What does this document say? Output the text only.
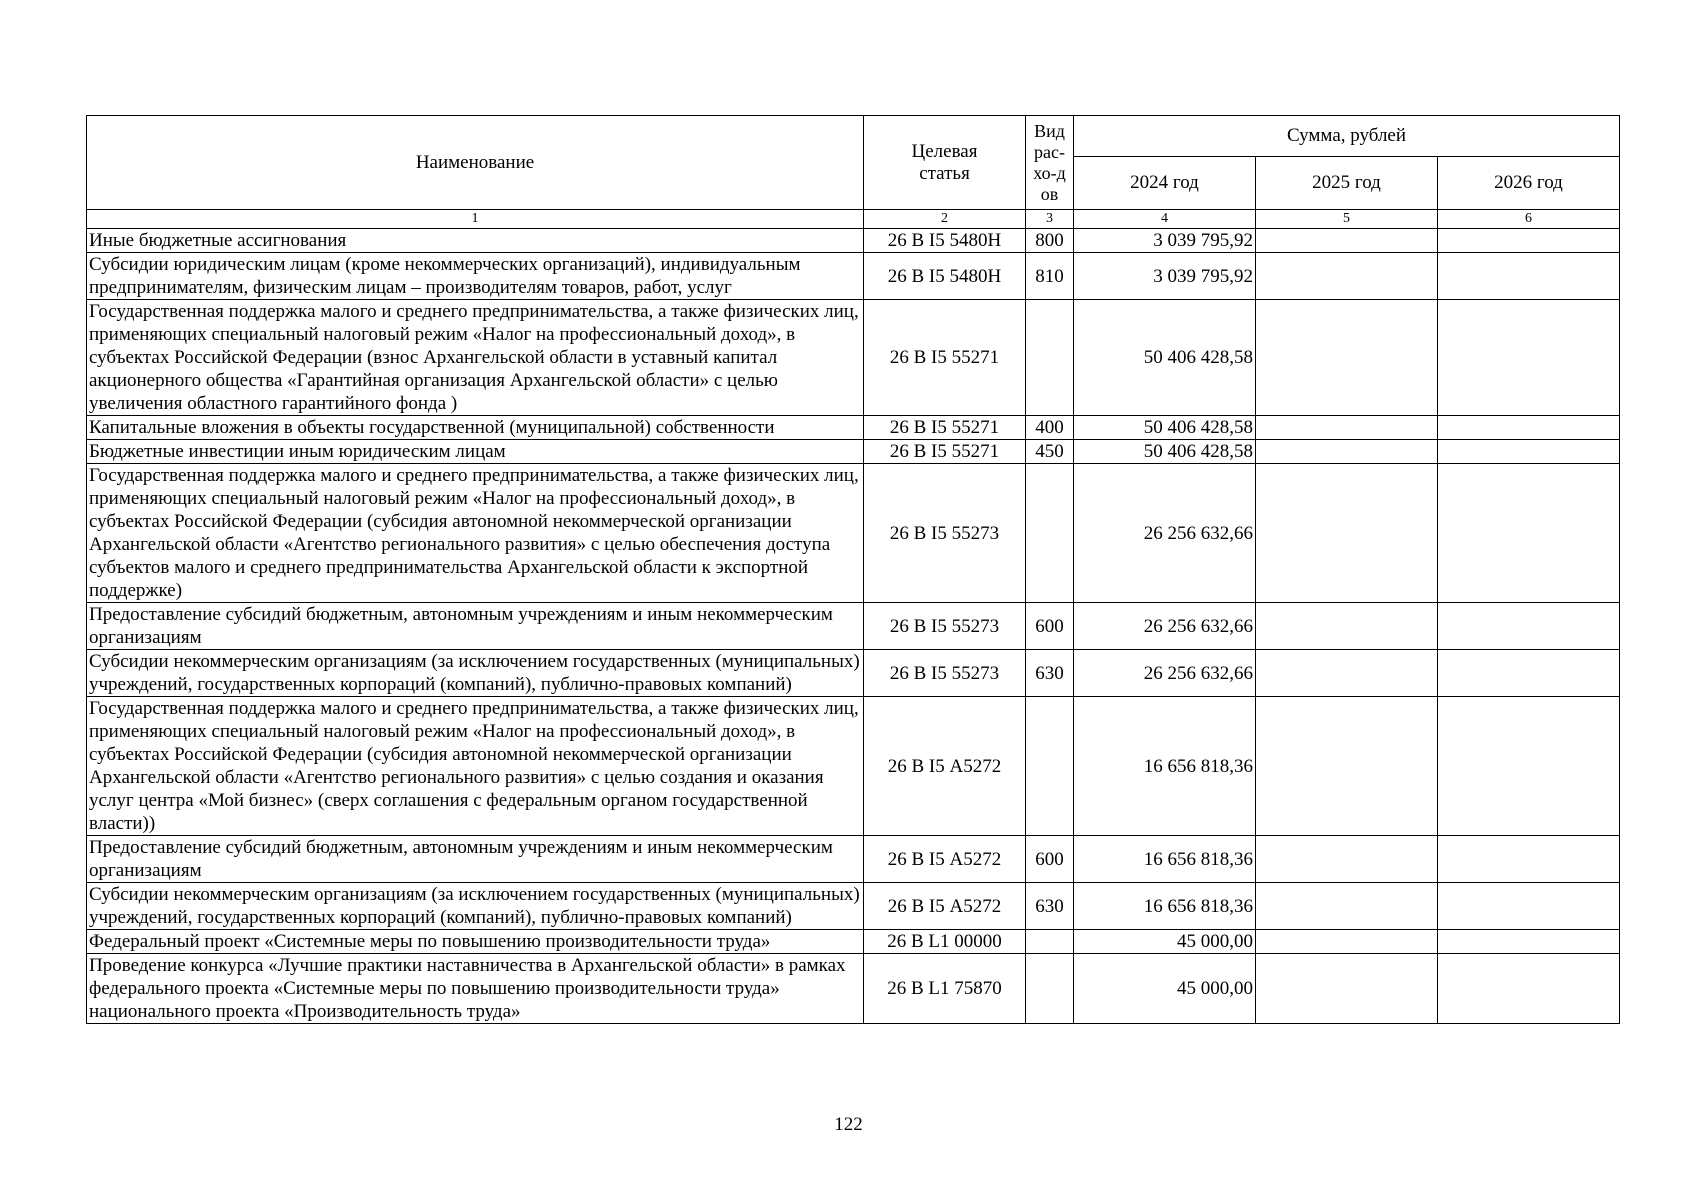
Наименование	Целевая статья	Вид рас-хо-дов	Сумма, рублей		
			2024 год	2025 год	2026 год
1	2	3	4	5	6
Иные бюджетные ассигнования	26 В I5 5480Н	800	3 039 795,92		
Субсидии юридическим лицам (кроме некоммерческих организаций), индивидуальным предпринимателям, физическим лицам – производителям товаров, работ, услуг	26 В I5 5480Н	810	3 039 795,92		
Государственная поддержка малого и среднего предпринимательства, а также физических лиц, применяющих специальный налоговый режим «Налог на профессиональный доход», в субъектах Российской Федерации (взнос Архангельской области в уставный капитал акционерного общества «Гарантийная организация Архангельской области» с целью увеличения областного гарантийного фонда )	26 В I5 55271		50 406 428,58		
Капитальные вложения в объекты государственной (муниципальной) собственности	26 В I5 55271	400	50 406 428,58		
Бюджетные инвестиции иным юридическим лицам	26 В I5 55271	450	50 406 428,58		
Государственная поддержка малого и среднего предпринимательства, а также физических лиц, применяющих специальный налоговый режим «Налог на профессиональный доход», в субъектах Российской Федерации (субсидия автономной некоммерческой организации Архангельской области «Агентство регионального развития» с целью обеспечения доступа субъектов малого и среднего предпринимательства Архангельской области к экспортной поддержке)	26 В I5 55273		26 256 632,66		
Предоставление субсидий бюджетным, автономным учреждениям и иным некоммерческим организациям	26 В I5 55273	600	26 256 632,66		
Субсидии некоммерческим организациям (за исключением государственных (муниципальных) учреждений, государственных корпораций (компаний), публично-правовых компаний)	26 В I5 55273	630	26 256 632,66		
Государственная поддержка малого и среднего предпринимательства, а также физических лиц, применяющих специальный налоговый режим «Налог на профессиональный доход», в субъектах Российской Федерации (субсидия автономной некоммерческой организации Архангельской области «Агентство регионального развития» с целью создания и оказания услуг центра «Мой бизнес» (сверх соглашения с федеральным органом государственной власти))	26 В I5 А5272		16 656 818,36		
Предоставление субсидий бюджетным, автономным учреждениям и иным некоммерческим организациям	26 В I5 А5272	600	16 656 818,36		
Субсидии некоммерческим организациям (за исключением государственных (муниципальных) учреждений, государственных корпораций (компаний), публично-правовых компаний)	26 В I5 А5272	630	16 656 818,36		
Федеральный проект «Системные меры по повышению производительности труда»	26 В L1 00000		45 000,00		
Проведение конкурса «Лучшие практики наставничества в Архангельской области» в рамках федерального проекта «Системные меры по повышению производительности труда» национального проекта «Производительность труда»	26 В L1 75870		45 000,00		
122
